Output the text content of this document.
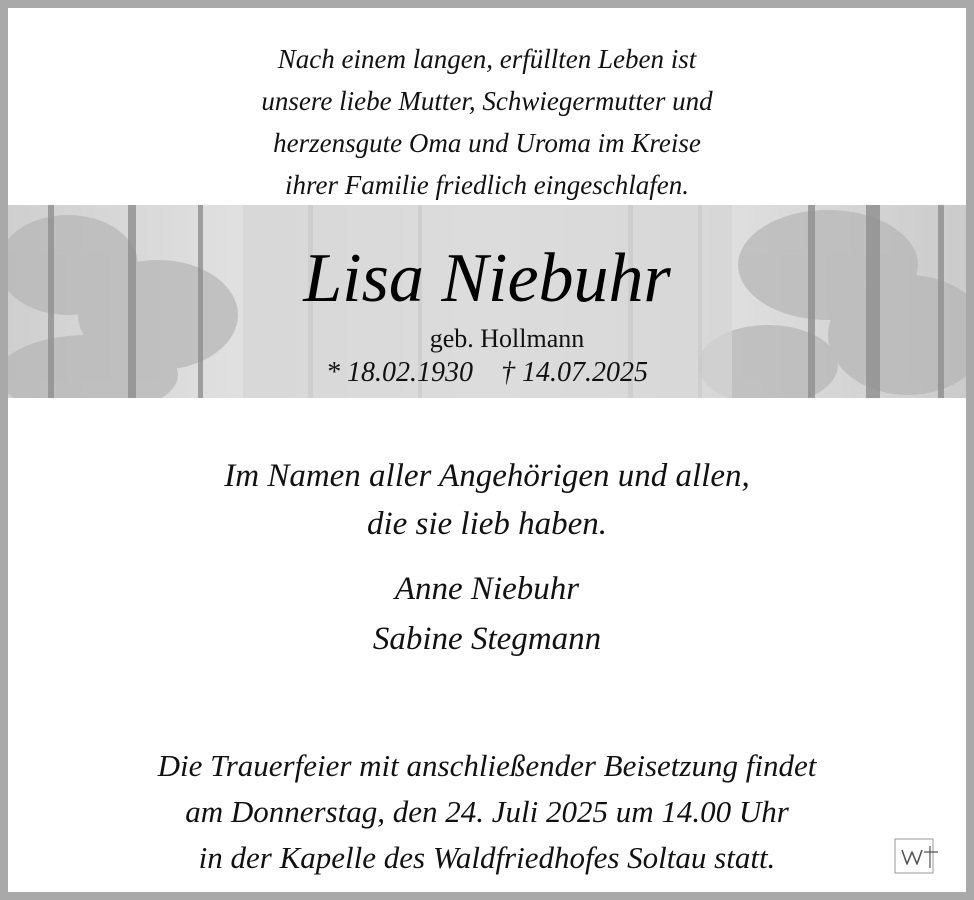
Nach einem langen, erfüllten Leben ist
unsere liebe Mutter, Schwiegermutter und
herzensgute Oma und Uroma im Kreise
ihrer Familie friedlich eingeschlafen.
Lisa Niebuhr
geb. Hollmann
* 18.02.1930    † 14.07.2025
Im Namen aller Angehörigen und allen,
die sie lieb haben.
Anne Niebuhr
Sabine Stegmann
Die Trauerfeier mit anschließender Beisetzung findet
am Donnerstag, den 24. Juli 2025 um 14.00 Uhr
in der Kapelle des Waldfriedhofes Soltau statt.
